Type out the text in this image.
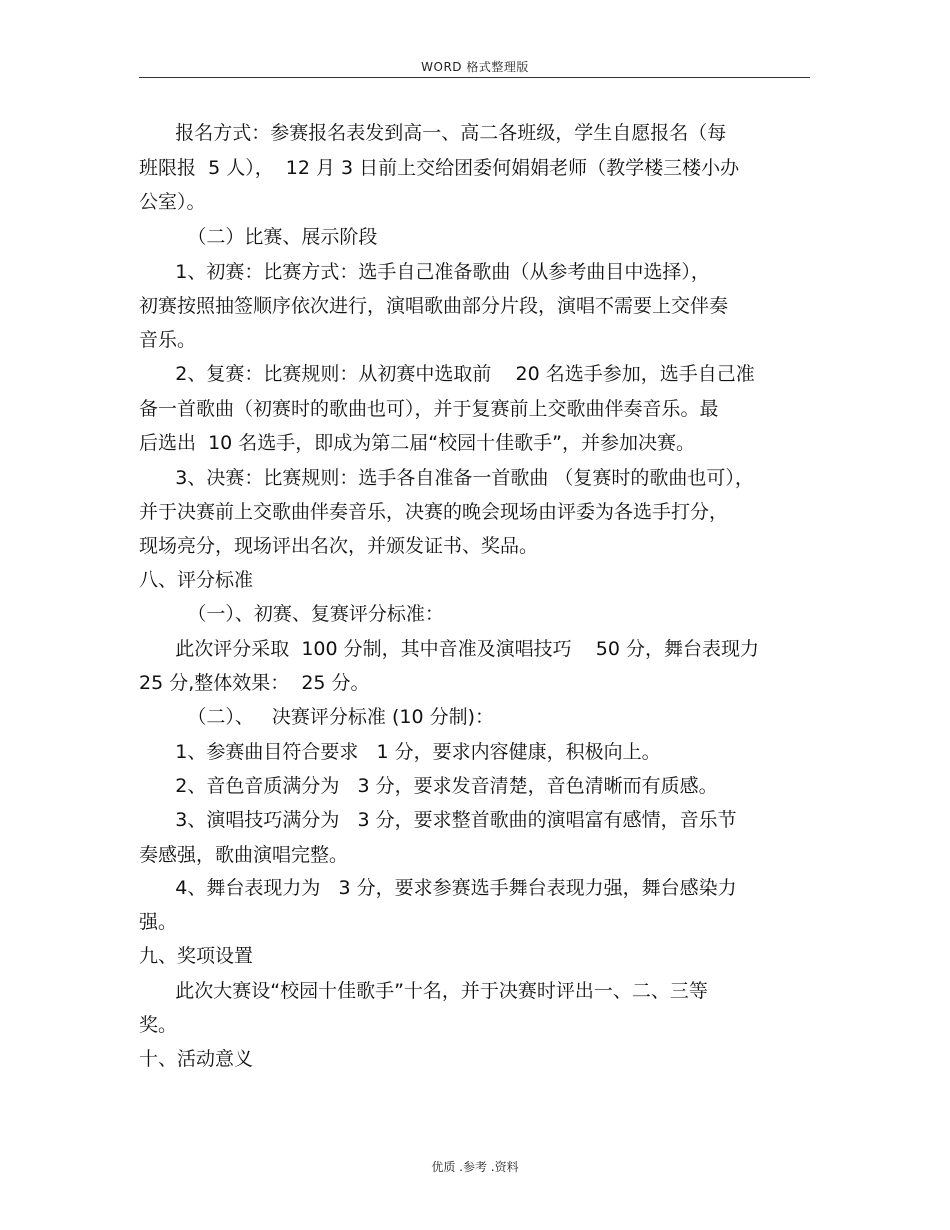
WORD 格式整理版
报名方式：参赛报名表发到高一、高二各班级，学生自愿报名（每
班限报  5 人），  12 月 3 日前上交给团委何娟娟老师（教学楼三楼小办
公室）。
（二）比赛、展示阶段
1、初赛：比赛方式：选手自己准备歌曲（从参考曲目中选择），
初赛按照抽签顺序依次进行，演唱歌曲部分片段，演唱不需要上交伴奏
音乐。
2、复赛：比赛规则：从初赛中选取前    20 名选手参加，选手自己准
备一首歌曲（初赛时的歌曲也可），并于复赛前上交歌曲伴奏音乐。最
后选出  10 名选手，即成为第二届“校园十佳歌手”，并参加决赛。
3、决赛：比赛规则：选手各自准备一首歌曲 （复赛时的歌曲也可），
并于决赛前上交歌曲伴奏音乐，决赛的晚会现场由评委为各选手打分，
现场亮分，现场评出名次，并颁发证书、奖品。
八、评分标准
（一）、初赛、复赛评分标准：
此次评分采取  100 分制，其中音准及演唱技巧    50 分，舞台表现力
25 分,整体效果：  25 分。
（二）、   决赛评分标准 (10 分制)：
1、参赛曲目符合要求   1 分，要求内容健康，积极向上。
2、音色音质满分为   3 分，要求发音清楚，音色清晰而有质感。
3、演唱技巧满分为   3 分，要求整首歌曲的演唱富有感情，音乐节
奏感强，歌曲演唱完整。
4、舞台表现力为   3 分，要求参赛选手舞台表现力强，舞台感染力
强。
九、奖项设置
此次大赛设“校园十佳歌手”十名，并于决赛时评出一、二、三等
奖。
十、活动意义
优质 .参考 .资料
